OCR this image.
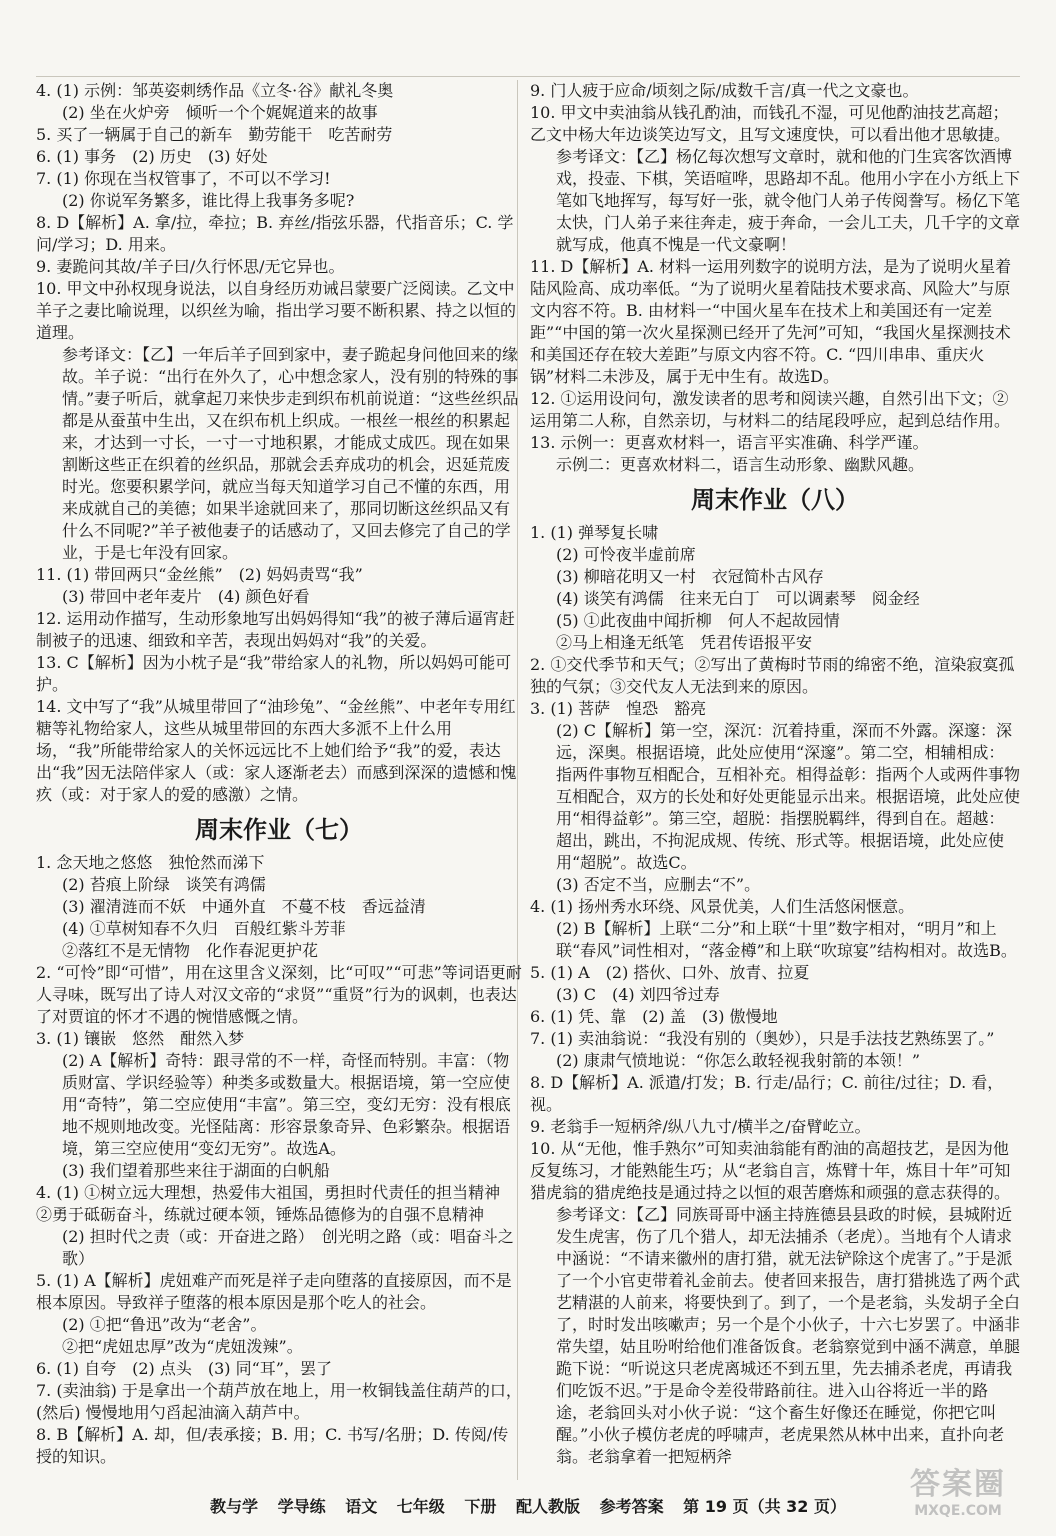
4. (1) 示例：邹英姿刺绣作品《立冬·谷》献礼冬奥

(2) 坐在火炉旁　倾听一个个娓娓道来的故事

5. 买了一辆属于自己的新车　勤劳能干　吃苦耐劳

6. (1) 事务　(2) 历史　(3) 好处

7. (1) 你现在当权管事了，不可以不学习!

(2) 你说军务繁多，谁比得上我事务多呢?

8. D【解析】A. 拿/拉，牵拉；B. 弃丝/指弦乐器，代指音乐；C. 学问/学习；D. 用来。

9. 妻跪问其故/羊子曰/久行怀思/无它异也。

10. 甲文中孙权现身说法，以自身经历劝诫吕蒙要广泛阅读。乙文中羊子之妻比喻说理，以织丝为喻，指出学习要不断积累、持之以恒的道理。

参考译文：【乙】一年后羊子回到家中，妻子跪起身问他回来的缘故。羊子说：“出行在外久了，心中想念家人，没有别的特殊的事情。”妻子听后，就拿起刀来快步走到织布机前说道：“这些丝织品都是从蚕茧中生出，又在织布机上织成。一根丝一根丝的积累起来，才达到一寸长，一寸一寸地积累，才能成丈成匹。现在如果割断这些正在织着的丝织品，那就会丢弃成功的机会，迟延荒废时光。您要积累学问，就应当每天知道学习自己不懂的东西，用来成就自己的美德；如果半途就回来了，那同切断这丝织品又有什么不同呢?”羊子被他妻子的话感动了，又回去修完了自己的学业，于是七年没有回家。

11. (1) 带回两只“金丝熊”　(2) 妈妈责骂“我”

(3) 带回中老年麦片　(4) 颜色好看

12. 运用动作描写，生动形象地写出妈妈得知“我”的被子薄后逼宵赶制被子的迅速、细致和辛苦，表现出妈妈对“我”的关爱。

13. C【解析】因为小枕子是“我”带给家人的礼物，所以妈妈可能可护。

14. 文中写了“我”从城里带回了“油珍兔”、“金丝熊”、中老年专用红糖等礼物给家人，这些从城里带回的东西大多派不上什么用场，“我”所能带给家人的关怀远远比不上她们给予“我”的爱，表达出“我”因无法陪伴家人（或：家人逐渐老去）而感到深深的遗憾和愧疚（或：对于家人的爱的感激）之情。

周末作业（七）

1. 念天地之悠悠　独怆然而涕下

(2) 苔痕上阶绿　谈笑有鸿儒

(3) 濯清涟而不妖　中通外直　不蔓不枝　香远益清

(4) ①草树知春不久归　百般红紫斗芳菲

②落红不是无情物　化作春泥更护花

2. “可怜”即“可惜”，用在这里含义深刻，比“可叹”“可悲”等词语更耐人寻味，既写出了诗人对汉文帝的“求贤”“重贤”行为的讽刺，也表达了对贾谊的怀才不遇的惋惜感慨之情。

3. (1) 镶嵌　悠然　酣然入梦

(2) A【解析】奇特：跟寻常的不一样，奇怪而特别。丰富：（物质财富、学识经验等）种类多或数量大。根据语境，第一空应使用“奇特”，第二空应使用“丰富”。第三空，变幻无穷：没有根底地不规则地改变。光怪陆离：形容景象奇异、色彩繁杂。根据语境，第三空应使用“变幻无穷”。故选A。

(3) 我们望着那些来往于湖面的白帆船

4. (1) ①树立远大理想，热爱伟大祖国，勇担时代责任的担当精神　②勇于砥砺奋斗，练就过硬本领，锤炼品德修为的自强不息精神

(2) 担时代之责（或：开奋进之路）　创光明之路（或：唱奋斗之歌）

5. (1) A【解析】虎妞难产而死是祥子走向堕落的直接原因，而不是根本原因。导致祥子堕落的根本原因是那个吃人的社会。

(2) ①把“鲁迅”改为“老舍”。

②把“虎妞忠厚”改为“虎妞泼辣”。

6. (1) 自夸　(2) 点头　(3) 同“耳”，罢了

7. (卖油翁) 于是拿出一个葫芦放在地上，用一枚铜钱盖住葫芦的口，(然后) 慢慢地用勺舀起油滴入葫芦中。

8. B【解析】A. 却，但/表承接；B. 用；C. 书写/名册；D. 传阅/传授的知识。

9. 门人疲于应命/顷刻之际/成数千言/真一代之文豪也。

10. 甲文中卖油翁从钱孔酌油，而钱孔不湿，可见他酌油技艺高超；乙文中杨大年边谈笑边写文，且写文速度快，可以看出他才思敏捷。

参考译文：【乙】杨亿每次想写文章时，就和他的门生宾客饮酒博戏，投壶、下棋，笑语喧哗，思路却不乱。他用小字在小方纸上下笔如飞地挥写，每写好一张，就令他门人弟子传阅誊写。杨亿下笔太快，门人弟子来往奔走，疲于奔命，一会儿工夫，几千字的文章就写成，他真不愧是一代文豪啊！

11. D【解析】A. 材料一运用列数字的说明方法，是为了说明火星着陆风险高、成功率低。“为了说明火星着陆技术要求高、风险大”与原文内容不符。B. 由材料一“中国火星车在技术上和美国还有一定差距”“中国的第一次火星探测已经开了先河”可知，“我国火星探测技术和美国还存在较大差距”与原文内容不符。C. “四川串串、重庆火锅”材料二未涉及，属于无中生有。故选D。

12. ①运用设问句，激发读者的思考和阅读兴趣，自然引出下文；②运用第二人称，自然亲切，与材料二的结尾段呼应，起到总结作用。

13. 示例一：更喜欢材料一，语言平实准确、科学严谨。

示例二：更喜欢材料二，语言生动形象、幽默风趣。

周末作业（八）

1. (1) 弹琴复长啸

(2) 可怜夜半虚前席

(3) 柳暗花明又一村　衣冠简朴古风存

(4) 谈笑有鸿儒　往来无白丁　可以调素琴　阅金经

(5) ①此夜曲中闻折柳　何人不起故园情

②马上相逢无纸笔　凭君传语报平安

2. ①交代季节和天气；②写出了黄梅时节雨的绵密不绝，渲染寂寞孤独的气氛；③交代友人无法到来的原因。

3. (1) 菩萨　惶恐　豁亮

(2) C【解析】第一空，深沉：沉着持重，深而不外露。深邃：深远，深奥。根据语境，此处应使用“深邃”。第二空，相辅相成：指两件事物互相配合，互相补充。相得益彰：指两个人或两件事物互相配合，双方的长处和好处更能显示出来。根据语境，此处应使用“相得益彰”。第三空，超脱：指摆脱羁绊，得到自在。超越：超出，跳出，不拘泥成规、传统、形式等。根据语境，此处应使用“超脱”。故选C。

(3) 否定不当，应删去“不”。

4. (1) 扬州秀水环绕、风景优美，人们生活悠闲惬意。

(2) B【解析】上联“二分”和上联“十里”数字相对，“明月”和上联“春风”词性相对，“落金樽”和上联“吹琼宴”结构相对。故选B。

5. (1) A　(2) 搭伙、口外、放青、拉夏

(3) C　(4) 刘四爷过寿

6. (1) 凭、靠　(2) 盖　(3) 傲慢地

7. (1) 卖油翁说：“我没有别的（奥妙），只是手法技艺熟练罢了。”

(2) 康肃气愤地说：“你怎么敢轻视我射箭的本领！”

8. D【解析】A. 派遣/打发；B. 行走/品行；C. 前往/过往；D. 看，视。

9. 老翁手一短柄斧/纵八九寸/横半之/奋臂屹立。

10. 从“无他，惟手熟尔”可知卖油翁能有酌油的高超技艺，是因为他反复练习，才能熟能生巧；从“老翁自言，炼臂十年，炼目十年”可知猎虎翁的猎虎绝技是通过持之以恒的艰苦磨炼和顽强的意志获得的。

参考译文：【乙】同族哥哥中涵主持旌德县县政的时候，县城附近发生虎害，伤了几个猎人，却无法捕杀（老虎）。当地有个人请求中涵说：“不请来徽州的唐打猎，就无法铲除这个虎害了。”于是派了一个小官吏带着礼金前去。使者回来报告，唐打猎挑选了两个武艺精湛的人前来，将要快到了。到了，一个是老翁，头发胡子全白了，时时发出咳嗽声；另一个是个小伙子，十六七岁罢了。中涵非常失望，姑且吩咐给他们准备饭食。老翁察觉到中涵不满意，单腿跪下说：“听说这只老虎离城还不到五里，先去捕杀老虎，再请我们吃饭不迟。”于是命令差役带路前往。进入山谷将近一半的路途，老翁回头对小伙子说：“这个畜生好像还在睡觉，你把它叫醒。”小伙子模仿老虎的呼啸声，老虎果然从林中出来，直扑向老翁。老翁拿着一把短柄斧

教与学 学导练 语文 七年级 下册 配人教版 参考答案 第 19 页（共 32 页）
答案圈
MXQE.COM
